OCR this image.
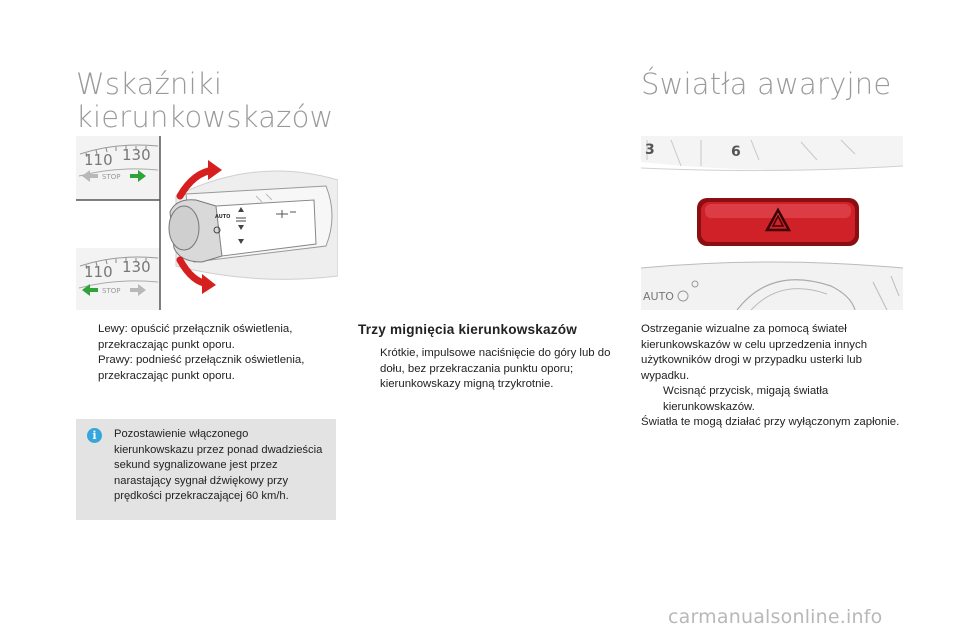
Wskaźniki
kierunkowskazów
110 130
STOP
110 130
STOP
AUTO
Lewy: opuścić przełącznik oświetlenia, przekraczając punkt oporu.
Prawy: podnieść przełącznik oświetlenia, przekraczając punkt oporu.
i	Pozostawienie włączonego kierunkowskazu przez ponad dwadzieścia sekund sygnalizowane jest przez narastający sygnał dźwiękowy przy prędkości przekraczającej 60 km/h.

Trzy mignięcia kierunkowskazów
Krótkie, impulsowe naciśnięcie do góry lub do dołu, bez przekraczania punktu oporu; kierunkowskazy migną trzykrotnie.
Światła awaryjne
3	6
AUTO

Ostrzeganie wizualne za pomocą świateł kierunkowskazów w celu uprzedzenia innych użytkowników drogi w przypadku usterki lub wypadku.

Wcisnąć przycisk, migają światła kierunkowskazów.

Światła te mogą działać przy wyłączonym zapłonie.

carmanualsonline.info
